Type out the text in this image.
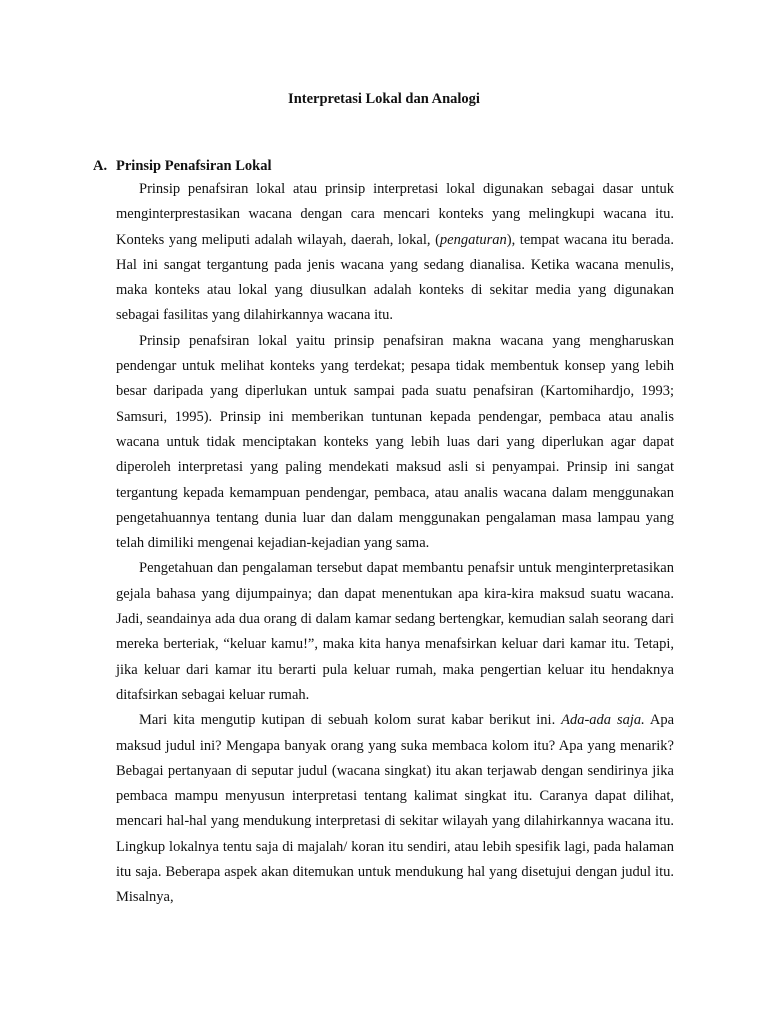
Interpretasi Lokal dan Analogi
A. Prinsip Penafsiran Lokal

Prinsip penafsiran lokal atau prinsip interpretasi lokal digunakan sebagai dasar untuk menginterprestasikan wacana dengan cara mencari konteks yang melingkupi wacana itu. Konteks yang meliputi adalah wilayah, daerah, lokal, (pengaturan), tempat wacana itu berada. Hal ini sangat tergantung pada jenis wacana yang sedang dianalisa. Ketika wacana menulis, maka konteks atau lokal yang diusulkan adalah konteks di sekitar media yang digunakan sebagai fasilitas yang dilahirkannya wacana itu.

Prinsip penafsiran lokal yaitu prinsip penafsiran makna wacana yang mengharuskan pendengar untuk melihat konteks yang terdekat; pesapa tidak membentuk konsep yang lebih besar daripada yang diperlukan untuk sampai pada suatu penafsiran (Kartomihardjo, 1993; Samsuri, 1995). Prinsip ini memberikan tuntunan kepada pendengar, pembaca atau analis wacana untuk tidak menciptakan konteks yang lebih luas dari yang diperlukan agar dapat diperoleh interpretasi yang paling mendekati maksud asli si penyampai. Prinsip ini sangat tergantung kepada kemampuan pendengar, pembaca, atau analis wacana dalam menggunakan pengetahuannya tentang dunia luar dan dalam menggunakan pengalaman masa lampau yang telah dimiliki mengenai kejadian-kejadian yang sama.

Pengetahuan dan pengalaman tersebut dapat membantu penafsir untuk menginterpretasikan gejala bahasa yang dijumpainya; dan dapat menentukan apa kira-kira maksud suatu wacana. Jadi, seandainya ada dua orang di dalam kamar sedang bertengkar, kemudian salah seorang dari mereka berteriak, “keluar kamu!”, maka kita hanya menafsirkan keluar dari kamar itu. Tetapi, jika keluar dari kamar itu berarti pula keluar rumah, maka pengertian keluar itu hendaknya ditafsirkan sebagai keluar rumah.

Mari kita mengutip kutipan di sebuah kolom surat kabar berikut ini. Ada-ada saja. Apa maksud judul ini? Mengapa banyak orang yang suka membaca kolom itu? Apa yang menarik? Bebagai pertanyaan di seputar judul (wacana singkat) itu akan terjawab dengan sendirinya jika pembaca mampu menyusun interpretasi tentang kalimat singkat itu. Caranya dapat dilihat, mencari hal-hal yang mendukung interpretasi di sekitar wilayah yang dilahirkannya wacana itu. Lingkup lokalnya tentu saja di majalah/ koran itu sendiri, atau lebih spesifik lagi, pada halaman itu saja. Beberapa aspek akan ditemukan untuk mendukung hal yang disetujui dengan judul itu. Misalnya,
